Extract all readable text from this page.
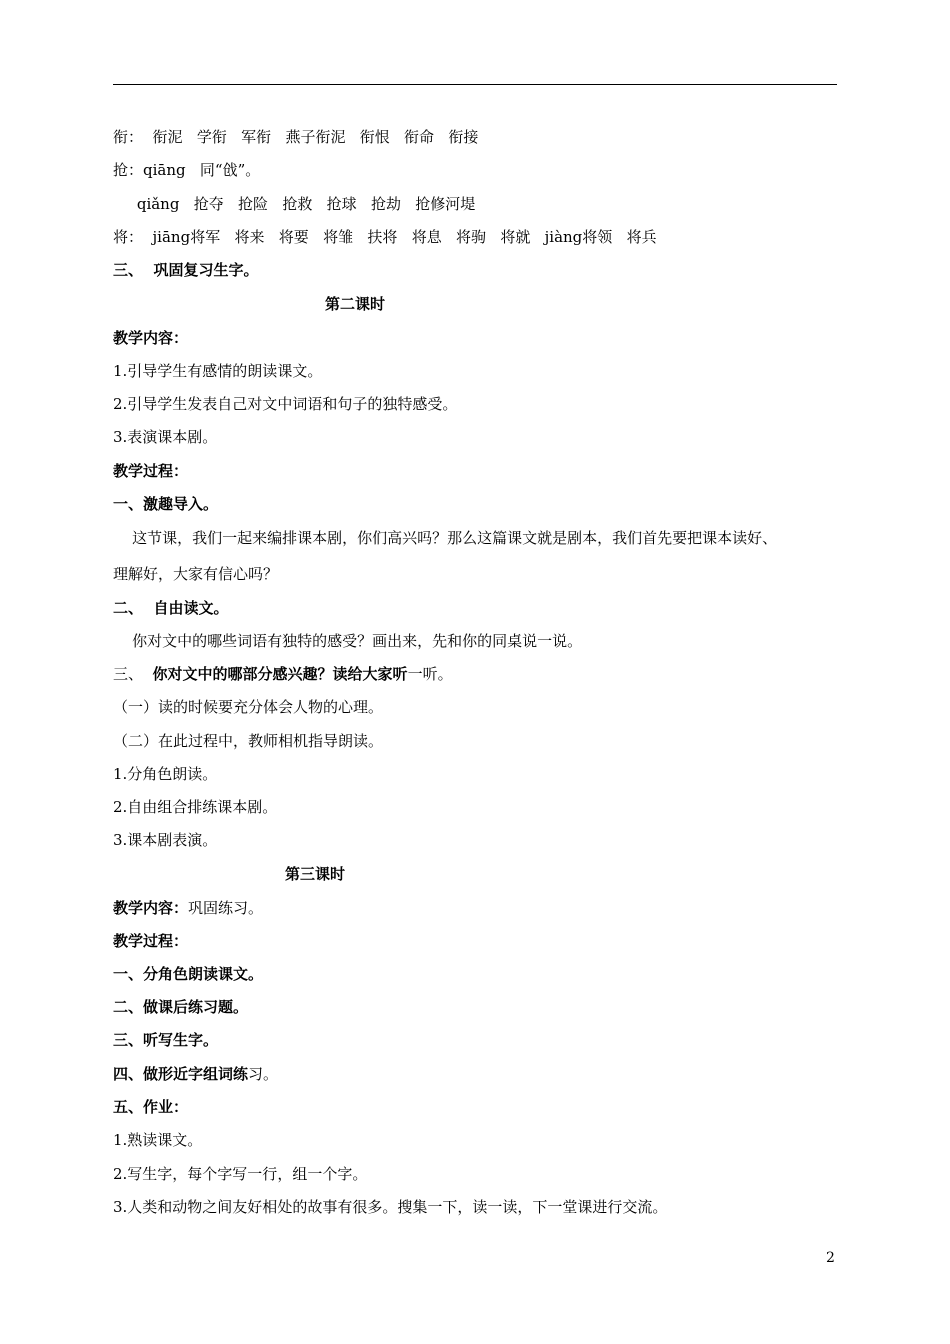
衔：  衔泥   学衔   军衔   燕子衔泥   衔恨   衔命   衔接
抢：qiāng   同“戗”。
qiǎng   抢夺   抢险   抢救   抢球   抢劫   抢修河堤
将：  jiāng将军   将来   将要   将雏   扶将   将息   将驹   将就   jiàng将领   将兵
三、  巩固复习生字。
第二课时
教学内容：
1.引导学生有感情的朗读课文。
2.引导学生发表自己对文中词语和句子的独特感受。
3.表演课本剧。
教学过程：
一、激趣导入。
这节课，我们一起来编排课本剧，你们高兴吗？那么这篇课文就是剧本，我们首先要把课本读好、
理解好，大家有信心吗？
二、  自由读文。
你对文中的哪些词语有独特的感受？画出来，先和你的同桌说一说。
三、  你对文中的哪部分感兴趣？读给大家听一听。
（一）读的时候要充分体会人物的心理。
（二）在此过程中，教师相机指导朗读。
1.分角色朗读。
2.自由组合排练课本剧。
3.课本剧表演。
第三课时
教学内容：巩固练习。
教学过程：
一、分角色朗读课文。
二、做课后练习题。
三、听写生字。
四、做形近字组词练习。
五、作业：
1.熟读课文。
2.写生字，每个字写一行，组一个字。
3.人类和动物之间友好相处的故事有很多。搜集一下，读一读，下一堂课进行交流。
2
